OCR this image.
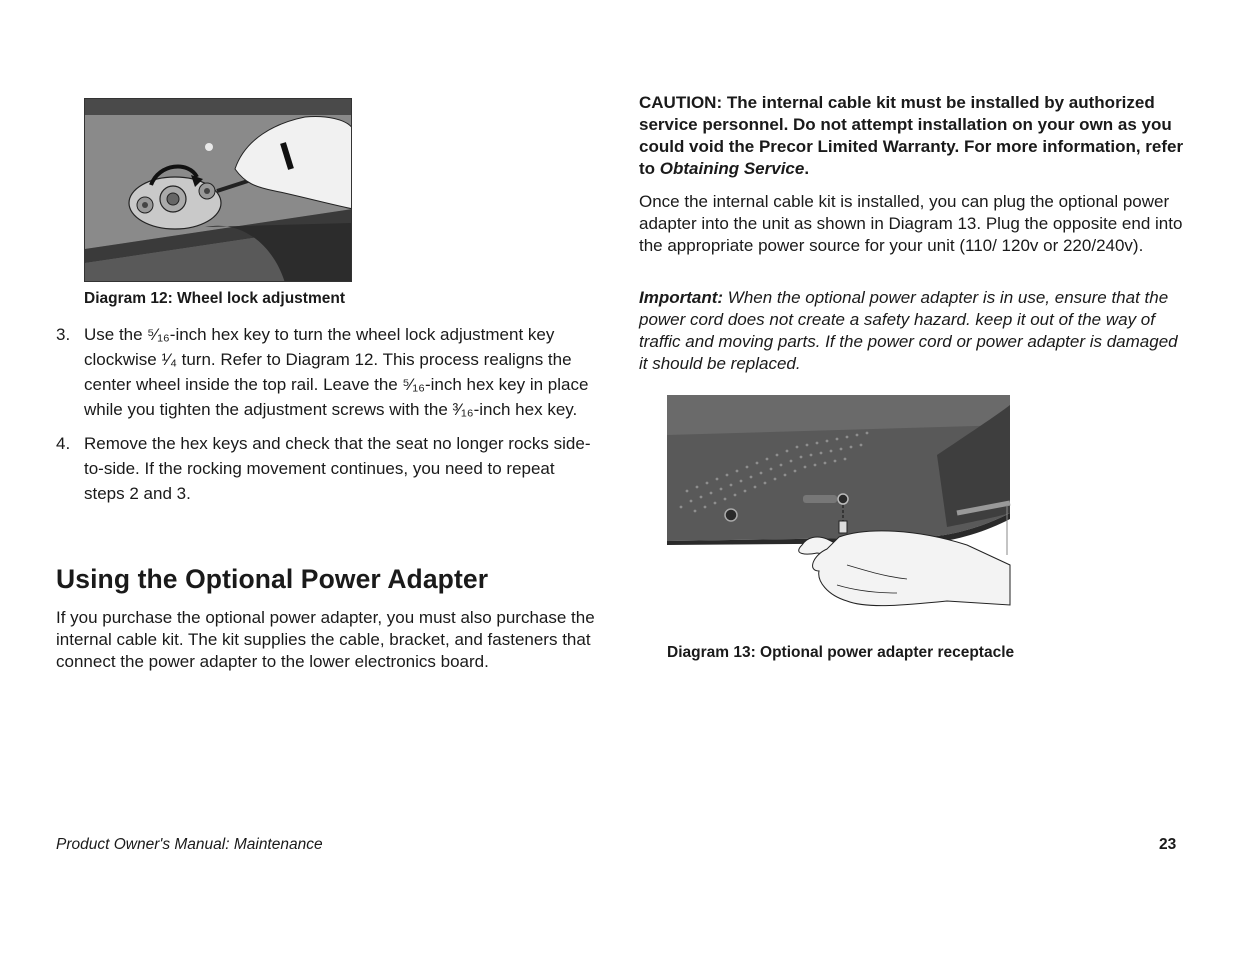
Diagram 12: Wheel lock adjustment
3. Use the ⁵⁄₁₆-inch hex key to turn the wheel lock adjustment key clockwise ¹⁄₄ turn. Refer to Diagram 12. This process realigns the center wheel inside the top rail. Leave the ⁵⁄₁₆-inch hex key in place while you tighten the adjustment screws with the ³⁄₁₆-inch hex key.
4. Remove the hex keys and check that the seat no longer rocks side-to-side. If the rocking movement continues, you need to repeat steps 2 and 3.
Using the Optional Power Adapter
If you purchase the optional power adapter, you must also purchase the internal cable kit. The kit supplies the cable, bracket, and fasteners that connect the power adapter to the lower electronics board.
CAUTION: The internal cable kit must be installed by authorized service personnel. Do not attempt installation on your own as you could void the Precor Limited Warranty. For more information, refer to Obtaining Service.
Once the internal cable kit is installed, you can plug the optional power adapter into the unit as shown in Diagram 13. Plug the opposite end into the appropriate power source for your unit (110/ 120v or 220/240v).
Important: When the optional power adapter is in use, ensure that the power cord does not create a safety hazard. keep it out of the way of traffic and moving parts. If the power cord or power adapter is damaged it should be replaced.
Diagram 13: Optional power adapter receptacle
Product Owner's Manual: Maintenance	23
